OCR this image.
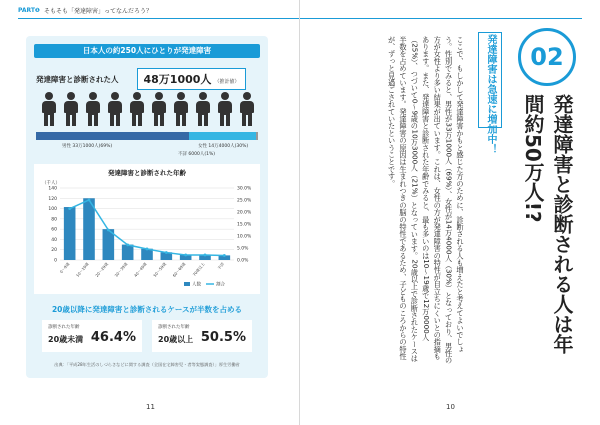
PART❶ そもそも「発達障害」ってなんだろう？
日本人の約250人にひとりが発達障害
発達障害と診断された人 48万1000人 （推計値）
男性 33万1000人(69%)	女性 14万4000人(30%)
不詳 6000人(1%)
発達障害と診断された年齢
（千人）
0
20
40
60
80
100
120
140
0.0%
5.0%
10.0%
15.0%
20.0%
25.0%
30.0%
0〜9歳 10〜19歳 20〜29歳 30〜39歳 40〜49歳 50〜59歳 60〜69歳 70歳以上	不詳
人数	割合
20歳以降に発達障害と診断されるケースが半数を占める
診断された年齢
20歳未満 46.4%
診断された年齢
20歳以上 50.5%
出典：「平成28年生活のしづらさなどに関する調査（全国在宅障害児・者等実態調査）」厚生労働省
11
02
発達障害と診断される人は年間約50万人!?
発達障害は急速に増加中！
ここで、もしかして発達障害かもと感じた方のために、診断される人も増えたと考えてよいでしょう。性別でみると、男性が33万1000人（69%）、女性が14万4000人（30%）となっており、男性の方が女性より多い結果が出ています。これは、女性の方が発達障害の特性が目立ちにくいとの指摘もあります。また、発達障害と診断された年齢でみると、最も多いのは10〜19歳で12万0000人（25%）、つづいて0〜9歳の10万3000人（21%）となっています。20歳以上で診断されたケースは半数を占めています。発達障害の原因は生まれつきの脳の特性であるため、子どものころからの特性が、ずっと見過ごされていたということです。
10
